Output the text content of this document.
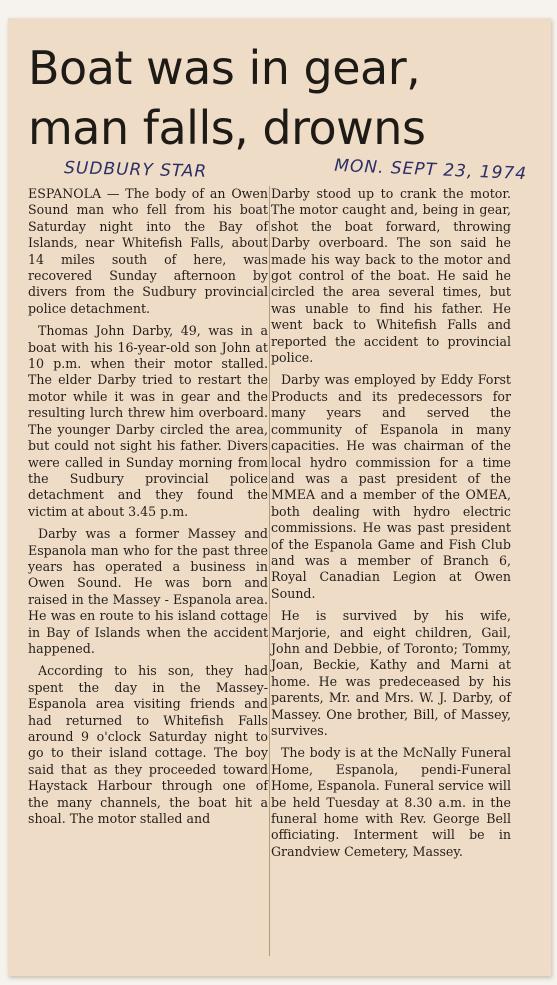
Boat was in gear, man falls, drowns
SUDBURY STAR	MON. SEPT 23, 1974

ESPANOLA — The body of an Owen Sound man who fell from his boat Saturday night into the Bay of Islands, near Whitefish Falls, about 14 miles south of here, was recovered Sunday afternoon by divers from the Sudbury provincial police detachment.

Thomas John Darby, 49, was in a boat with his 16-year-old son John at 10 p.m. when their motor stalled. The elder Darby tried to restart the motor while it was in gear and the resulting lurch threw him overboard. The younger Darby circled the area, but could not sight his father. Divers were called in Sunday morning from the Sudbury provincial police detachment and they found the victim at about 3.45 p.m.

Darby was a former Massey and Espanola man who for the past three years has operated a business in Owen Sound. He was born and raised in the Massey - Espanola area. He was en route to his island cottage in Bay of Islands when the accident happened.

According to his son, they had spent the day in the Massey-Espanola area visiting friends and had returned to Whitefish Falls around 9 o'clock Saturday night to go to their island cottage. The boy said that as they proceeded toward Haystack Harbour through one of the many channels, the boat hit a shoal. The motor stalled and

Darby stood up to crank the motor. The motor caught and, being in gear, shot the boat forward, throwing Darby overboard. The son said he made his way back to the motor and got control of the boat. He said he circled the area several times, but was unable to find his father. He went back to Whitefish Falls and reported the accident to provincial police.

Darby was employed by Eddy Forst Products and its predecessors for many years and served the community of Espanola in many capacities. He was chairman of the local hydro commission for a time and was a past president of the MMEA and a member of the OMEA, both dealing with hydro electric commissions. He was past president of the Espanola Game and Fish Club and was a member of Branch 6, Royal Canadian Legion at Owen Sound.

He is survived by his wife, Marjorie, and eight children, Gail, John and Debbie, of Toronto; Tommy, Joan, Beckie, Kathy and Marni at home. He was predeceased by his parents, Mr. and Mrs. W. J. Darby, of Massey. One brother, Bill, of Massey, survives.

The body is at the McNally Funeral Home, Espanola, pendi-Funeral Home, Espanola. Funeral service will be held Tuesday at 8.30 a.m. in the funeral home with Rev. George Bell officiating. Interment will be in Grandview Cemetery, Massey.
